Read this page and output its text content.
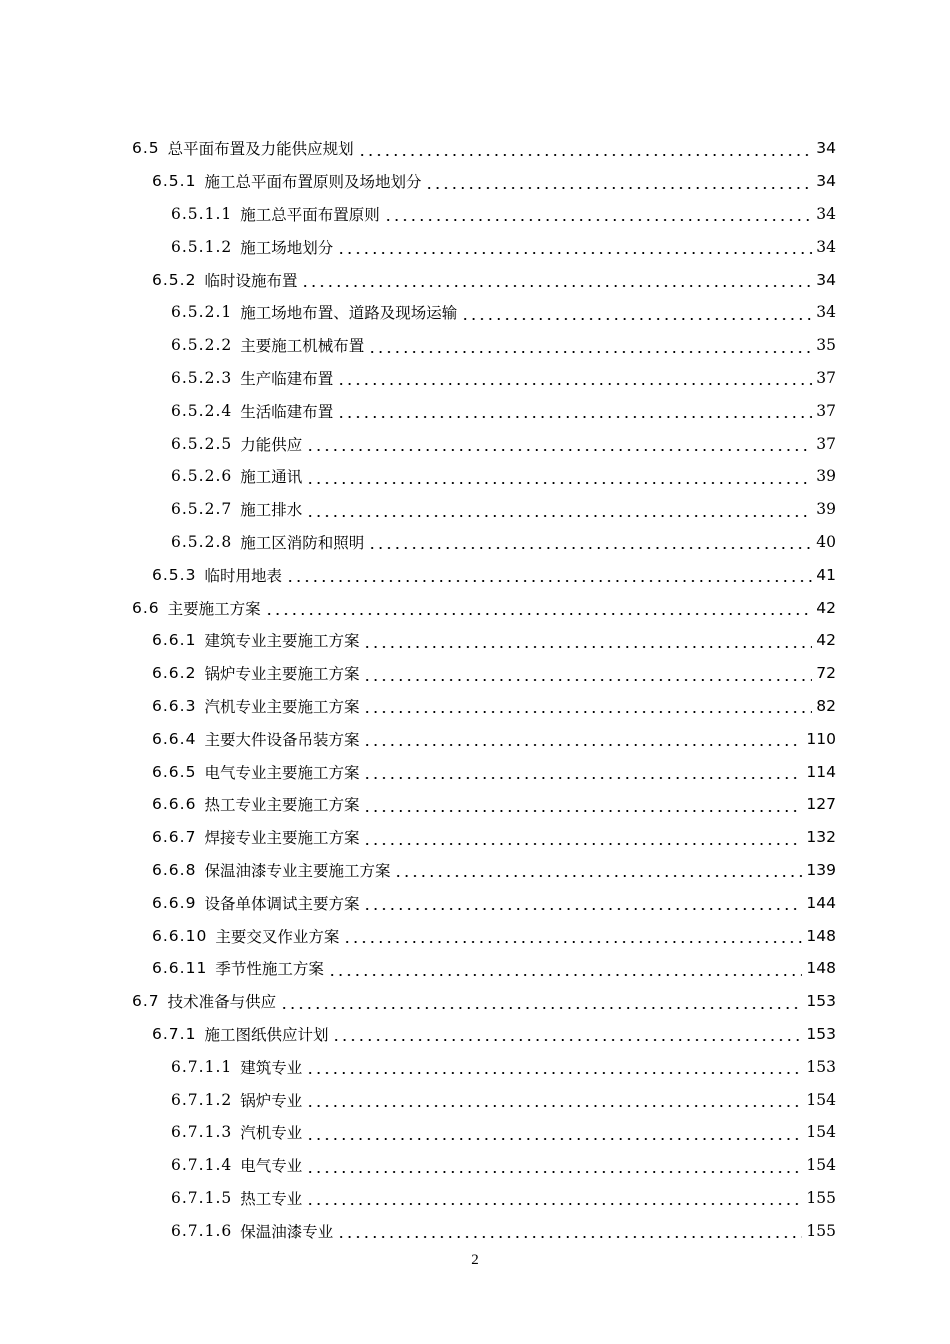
6.5 总平面布置及力能供应规划	34
6.5.1 施工总平面布置原则及场地划分	34
6.5.1.1 施工总平面布置原则	34
6.5.1.2 施工场地划分	34
6.5.2 临时设施布置	34
6.5.2.1 施工场地布置、道路及现场运输	34
6.5.2.2 主要施工机械布置	35
6.5.2.3 生产临建布置	37
6.5.2.4 生活临建布置	37
6.5.2.5 力能供应	37
6.5.2.6 施工通讯	39
6.5.2.7 施工排水	39
6.5.2.8 施工区消防和照明	40
6.5.3 临时用地表	41
6.6 主要施工方案	42
6.6.1 建筑专业主要施工方案	42
6.6.2 锅炉专业主要施工方案	72
6.6.3 汽机专业主要施工方案	82
6.6.4 主要大件设备吊装方案	110
6.6.5 电气专业主要施工方案	114
6.6.6 热工专业主要施工方案	127
6.6.7 焊接专业主要施工方案	132
6.6.8 保温油漆专业主要施工方案	139
6.6.9 设备单体调试主要方案	144
6.6.10 主要交叉作业方案	148
6.6.11 季节性施工方案	148
6.7 技术准备与供应	153
6.7.1 施工图纸供应计划	153
6.7.1.1 建筑专业	153
6.7.1.2 锅炉专业	154
6.7.1.3 汽机专业	154
6.7.1.4 电气专业	154
6.7.1.5 热工专业	155
6.7.1.6 保温油漆专业	155
2
